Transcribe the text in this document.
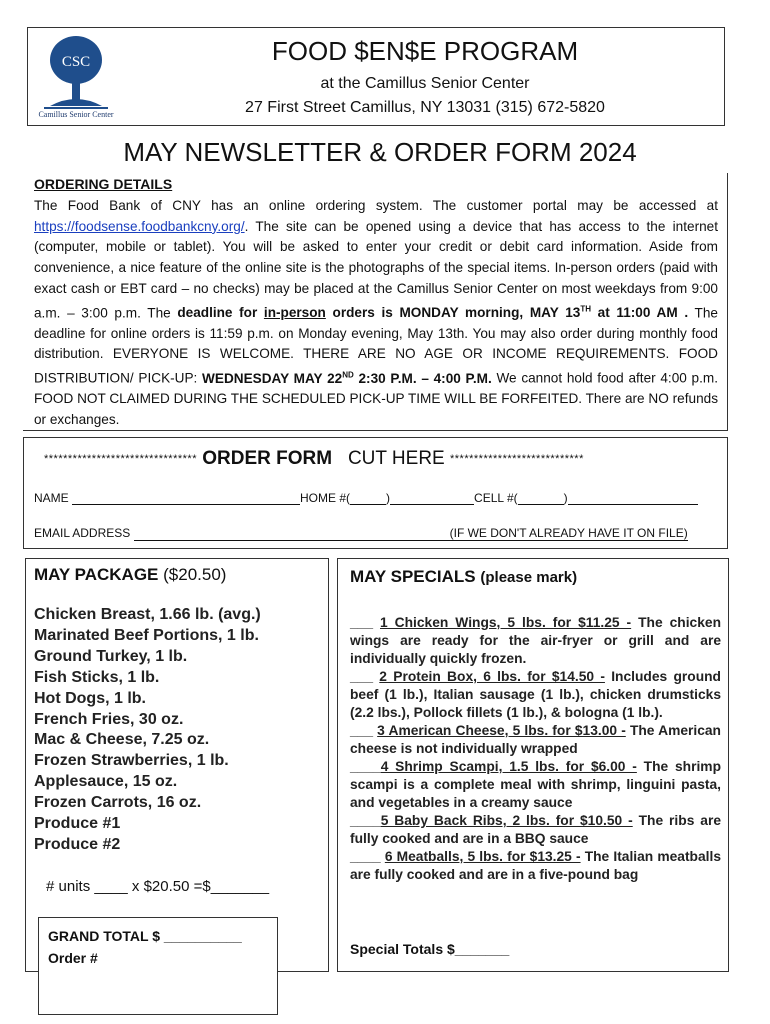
CSC
Camillus Senior Center
FOOD $EN$E PROGRAM
at the Camillus Senior Center
27 First Street Camillus, NY 13031 (315) 672-5820
MAY NEWSLETTER & ORDER FORM 2024
ORDERING DETAILS
The Food Bank of CNY has an online ordering system. The customer portal may be accessed at https://foodsense.foodbankcny.org/. The site can be opened using a device that has access to the internet (computer, mobile or tablet). You will be asked to enter your credit or debit card information. Aside from convenience, a nice feature of the online site is the photographs of the special items. In-person orders (paid with exact cash or EBT card – no checks) may be placed at the Camillus Senior Center on most weekdays from 9:00 a.m. – 3:00 p.m. The deadline for in-person orders is MONDAY morning, MAY 13TH at 11:00 AM . The deadline for online orders is 11:59 p.m. on Monday evening, May 13th. You may also order during monthly food distribution. EVERYONE IS WELCOME. THERE ARE NO AGE OR INCOME REQUIREMENTS. FOOD DISTRIBUTION/ PICK-UP: WEDNESDAY MAY 22ND 2:30 P.M. – 4:00 P.M. We cannot hold food after 4:00 p.m. FOOD NOT CLAIMED DURING THE SCHEDULED PICK-UP TIME WILL BE FORFEITED. There are NO refunds or exchanges.
******************************** ORDER FORM CUT HERE ****************************
NAME	HOME #(	)	CELL #(	)
EMAIL ADDRESS	(IF WE DON'T ALREADY HAVE IT ON FILE)
MAY PACKAGE ($20.50)
Chicken Breast, 1.66 lb. (avg.)
Marinated Beef Portions, 1 lb.
Ground Turkey, 1 lb.
Fish Sticks, 1 lb.
Hot Dogs, 1 lb.
French Fries, 30 oz.
Mac & Cheese, 7.25 oz.
Frozen Strawberries, 1 lb.
Applesauce, 15 oz.
Frozen Carrots, 16 oz.
Produce #1
Produce #2
# units ____ x $20.50 =$_______
GRAND TOTAL $ __________
Order #
MAY SPECIALS (please mark)
___ 1 Chicken Wings, 5 lbs. for $11.25 - The chicken wings are ready for the air-fryer or grill and are individually quickly frozen.
___ 2 Protein Box, 6 lbs. for $14.50 - Includes ground beef (1 lb.), Italian sausage (1 lb.), chicken drumsticks (2.2 lbs.), Pollock fillets (1 lb.), & bologna (1 lb.).
___ 3 American Cheese, 5 lbs. for $13.00 - The American cheese is not individually wrapped
____4 Shrimp Scampi, 1.5 lbs. for $6.00 - The shrimp scampi is a complete meal with shrimp, linguini pasta, and vegetables in a creamy sauce
____5 Baby Back Ribs, 2 lbs. for $10.50 - The ribs are fully cooked and are in a BBQ sauce
____ 6 Meatballs, 5 lbs. for $13.25 - The Italian meatballs are fully cooked and are in a five-pound bag
Special Totals $_______
